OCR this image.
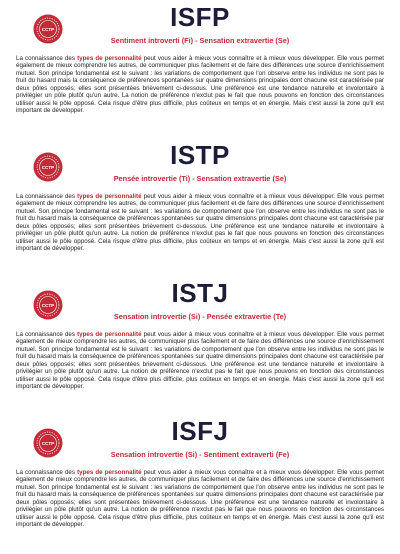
CCTP	ISFP
Sentiment introverti (Fi) - Sensation extravertie (Se)

La connaissance des types de personnalité peut vous aider à mieux vous connaître et à mieux vous développer. Elle vous permet également de mieux comprendre les autres, de communiquer plus facilement et de faire des différences une source d'enrichissement mutuel. Son principe fondamental est le suivant : les variations de comportement que l'on observe entre les individus ne sont pas le fruit du hasard mais la conséquence de préférences spontanées sur quatre dimensions principales dont chacune est caractérisée par deux pôles opposés; elles sont présentées brièvement ci-dessous. Une préférence est une tendance naturelle et involontaire à privilégier un pôle plutôt qu'un autre. La notion de préférence n'exclut pas le fait que nous pouvons en fonction des circonstances utiliser aussi le pôle opposé. Cela risque d'être plus difficile, plus coûteux en temps et en énergie. Mais c'est aussi la zone qu'il est important de développer.

CCTP	ISTP
Pensée introvertie (Ti) - Sensation extravertie (Se)

La connaissance des types de personnalité peut vous aider à mieux vous connaître et à mieux vous développer. Elle vous permet également de mieux comprendre les autres, de communiquer plus facilement et de faire des différences une source d'enrichissement mutuel. Son principe fondamental est le suivant : les variations de comportement que l'on observe entre les individus ne sont pas le fruit du hasard mais la conséquence de préférences spontanées sur quatre dimensions principales dont chacune est caractérisée par deux pôles opposés; elles sont présentées brièvement ci-dessous. Une préférence est une tendance naturelle et involontaire à privilégier un pôle plutôt qu'un autre. La notion de préférence n'exclut pas le fait que nous pouvons en fonction des circonstances utiliser aussi le pôle opposé. Cela risque d'être plus difficile, plus coûteux en temps et en énergie. Mais c'est aussi la zone qu'il est important de développer.

CCTP	ISTJ
Sensation introvertie (Si) - Pensée extravertie (Te)

La connaissance des types de personnalité peut vous aider à mieux vous connaître et à mieux vous développer. Elle vous permet également de mieux comprendre les autres, de communiquer plus facilement et de faire des différences une source d'enrichissement mutuel. Son principe fondamental est le suivant : les variations de comportement que l'on observe entre les individus ne sont pas le fruit du hasard mais la conséquence de préférences spontanées sur quatre dimensions principales dont chacune est caractérisée par deux pôles opposés; elles sont présentées brièvement ci-dessous. Une préférence est une tendance naturelle et involontaire à privilégier un pôle plutôt qu'un autre. La notion de préférence n'exclut pas le fait que nous pouvons en fonction des circonstances utiliser aussi le pôle opposé. Cela risque d'être plus difficile, plus coûteux en temps et en énergie. Mais c'est aussi la zone qu'il est important de développer.

CCTP	ISFJ
Sensation introvertie (Si) - Sentiment extraverti (Fe)

La connaissance des types de personnalité peut vous aider à mieux vous connaître et à mieux vous développer. Elle vous permet également de mieux comprendre les autres, de communiquer plus facilement et de faire des différences une source d'enrichissement mutuel. Son principe fondamental est le suivant : les variations de comportement que l'on observe entre les individus ne sont pas le fruit du hasard mais la conséquence de préférences spontanées sur quatre dimensions principales dont chacune est caractérisée par deux pôles opposés; elles sont présentées brièvement ci-dessous. Une préférence est une tendance naturelle et involontaire à privilégier un pôle plutôt qu'un autre. La notion de préférence n'exclut pas le fait que nous pouvons en fonction des circonstances utiliser aussi le pôle opposé. Cela risque d'être plus difficile, plus coûteux en temps et en énergie. Mais c'est aussi la zone qu'il est important de développer.
